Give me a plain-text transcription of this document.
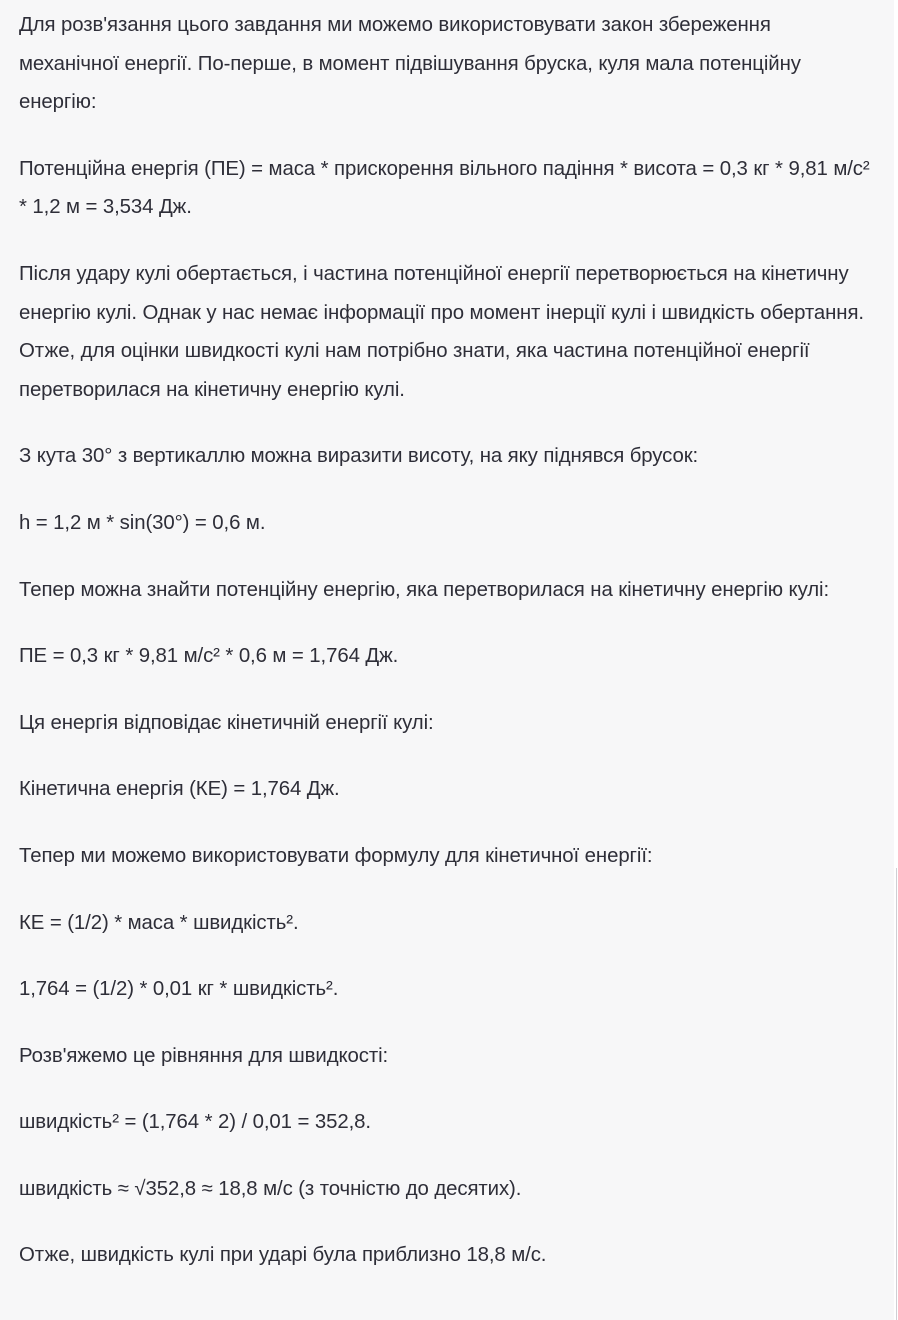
Для розв'язання цього завдання ми можемо використовувати закон збереження механічної енергії. По-перше, в момент підвішування бруска, куля мала потенційну енергію:

Потенційна енергія (ПЕ) = маса * прискорення вільного падіння * висота = 0,3 кг * 9,81 м/с² * 1,2 м = 3,534 Дж.

Після удару кулі обертається, і частина потенційної енергії перетворюється на кінетичну енергію кулі. Однак у нас немає інформації про момент інерції кулі і швидкість обертання. Отже, для оцінки швидкості кулі нам потрібно знати, яка частина потенційної енергії перетворилася на кінетичну енергію кулі.

З кута 30° з вертикаллю можна виразити висоту, на яку піднявся брусок:

h = 1,2 м * sin(30°) = 0,6 м.

Тепер можна знайти потенційну енергію, яка перетворилася на кінетичну енергію кулі:

ПЕ = 0,3 кг * 9,81 м/с² * 0,6 м = 1,764 Дж.

Ця енергія відповідає кінетичній енергії кулі:

Кінетична енергія (КЕ) = 1,764 Дж.

Тепер ми можемо використовувати формулу для кінетичної енергії:

КЕ = (1/2) * маса * швидкість².

1,764 = (1/2) * 0,01 кг * швидкість².

Розв'яжемо це рівняння для швидкості:

швидкість² = (1,764 * 2) / 0,01 = 352,8.

швидкість ≈ √352,8 ≈ 18,8 м/с (з точністю до десятих).

Отже, швидкість кулі при ударі була приблизно 18,8 м/с.
